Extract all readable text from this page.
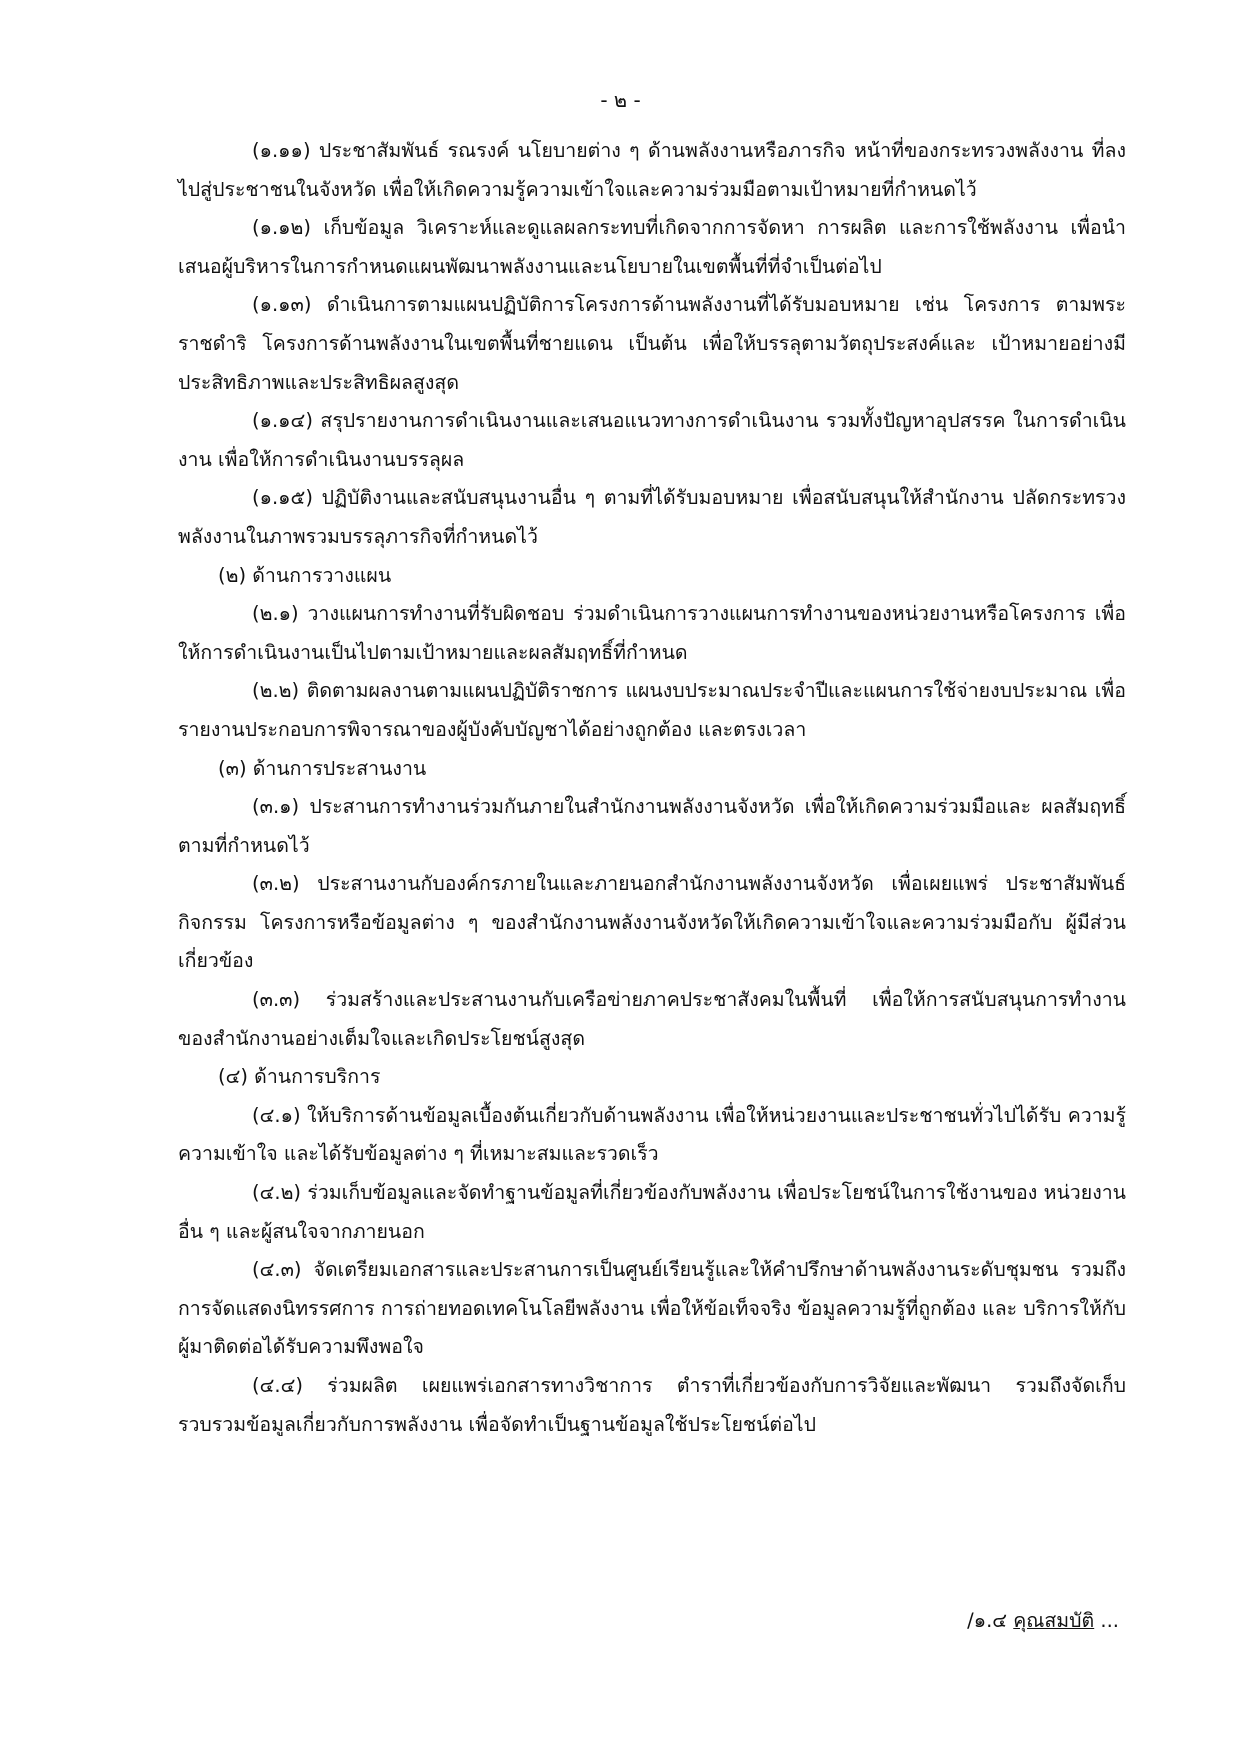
- ๒ -

(๑.๑๑) ประชาสัมพันธ์ รณรงค์ นโยบายต่าง ๆ ด้านพลังงานหรือภารกิจ หน้าที่ของกระทรวงพลังงาน ที่ลงไปสู่ประชาชนในจังหวัด เพื่อให้เกิดความรู้ความเข้าใจและความร่วมมือตามเป้าหมายที่กำหนดไว้

(๑.๑๒) เก็บข้อมูล วิเคราะห์และดูแลผลกระทบที่เกิดจากการจัดหา การผลิต และการใช้พลังงาน เพื่อนำเสนอผู้บริหารในการกำหนดแผนพัฒนาพลังงานและนโยบายในเขตพื้นที่ที่จำเป็นต่อไป

(๑.๑๓) ดำเนินการตามแผนปฏิบัติการโครงการด้านพลังงานที่ได้รับมอบหมาย เช่น โครงการ ตามพระราชดำริ โครงการด้านพลังงานในเขตพื้นที่ชายแดน เป็นต้น เพื่อให้บรรลุตามวัตถุประสงค์และ เป้าหมายอย่างมีประสิทธิภาพและประสิทธิผลสูงสุด

(๑.๑๔) สรุปรายงานการดำเนินงานและเสนอแนวทางการดำเนินงาน รวมทั้งปัญหาอุปสรรค ในการดำเนินงาน เพื่อให้การดำเนินงานบรรลุผล

(๑.๑๕) ปฏิบัติงานและสนับสนุนงานอื่น ๆ ตามที่ได้รับมอบหมาย เพื่อสนับสนุนให้สำนักงาน ปลัดกระทรวงพลังงานในภาพรวมบรรลุภารกิจที่กำหนดไว้

(๒) ด้านการวางแผน

(๒.๑) วางแผนการทำงานที่รับผิดชอบ ร่วมดำเนินการวางแผนการทำงานของหน่วยงานหรือโครงการ เพื่อให้การดำเนินงานเป็นไปตามเป้าหมายและผลสัมฤทธิ์ที่กำหนด

(๒.๒) ติดตามผลงานตามแผนปฏิบัติราชการ แผนงบประมาณประจำปีและแผนการใช้จ่ายงบประมาณ เพื่อรายงานประกอบการพิจารณาของผู้บังคับบัญชาได้อย่างถูกต้อง และตรงเวลา

(๓) ด้านการประสานงาน

(๓.๑) ประสานการทำงานร่วมกันภายในสำนักงานพลังงานจังหวัด เพื่อให้เกิดความร่วมมือและ ผลสัมฤทธิ์ตามที่กำหนดไว้

(๓.๒) ประสานงานกับองค์กรภายในและภายนอกสำนักงานพลังงานจังหวัด เพื่อเผยแพร่ ประชาสัมพันธ์ กิจกรรม โครงการหรือข้อมูลต่าง ๆ ของสำนักงานพลังงานจังหวัดให้เกิดความเข้าใจและความร่วมมือกับ ผู้มีส่วนเกี่ยวข้อง

(๓.๓) ร่วมสร้างและประสานงานกับเครือข่ายภาคประชาสังคมในพื้นที่ เพื่อให้การสนับสนุนการทำงาน ของสำนักงานอย่างเต็มใจและเกิดประโยชน์สูงสุด

(๔) ด้านการบริการ

(๔.๑) ให้บริการด้านข้อมูลเบื้องต้นเกี่ยวกับด้านพลังงาน เพื่อให้หน่วยงานและประชาชนทั่วไปได้รับ ความรู้ ความเข้าใจ และได้รับข้อมูลต่าง ๆ ที่เหมาะสมและรวดเร็ว

(๔.๒) ร่วมเก็บข้อมูลและจัดทำฐานข้อมูลที่เกี่ยวข้องกับพลังงาน เพื่อประโยชน์ในการใช้งานของ หน่วยงานอื่น ๆ และผู้สนใจจากภายนอก

(๔.๓) จัดเตรียมเอกสารและประสานการเป็นศูนย์เรียนรู้และให้คำปรึกษาด้านพลังงานระดับชุมชน รวมถึงการจัดแสดงนิทรรศการ การถ่ายทอดเทคโนโลยีพลังงาน เพื่อให้ข้อเท็จจริง ข้อมูลความรู้ที่ถูกต้อง และ บริการให้กับผู้มาติดต่อได้รับความพึงพอใจ

(๔.๔) ร่วมผลิต เผยแพร่เอกสารทางวิชาการ ตำราที่เกี่ยวข้องกับการวิจัยและพัฒนา รวมถึงจัดเก็บ รวบรวมข้อมูลเกี่ยวกับการพลังงาน เพื่อจัดทำเป็นฐานข้อมูลใช้ประโยชน์ต่อไป

/๑.๔ คุณสมบัติ ...
